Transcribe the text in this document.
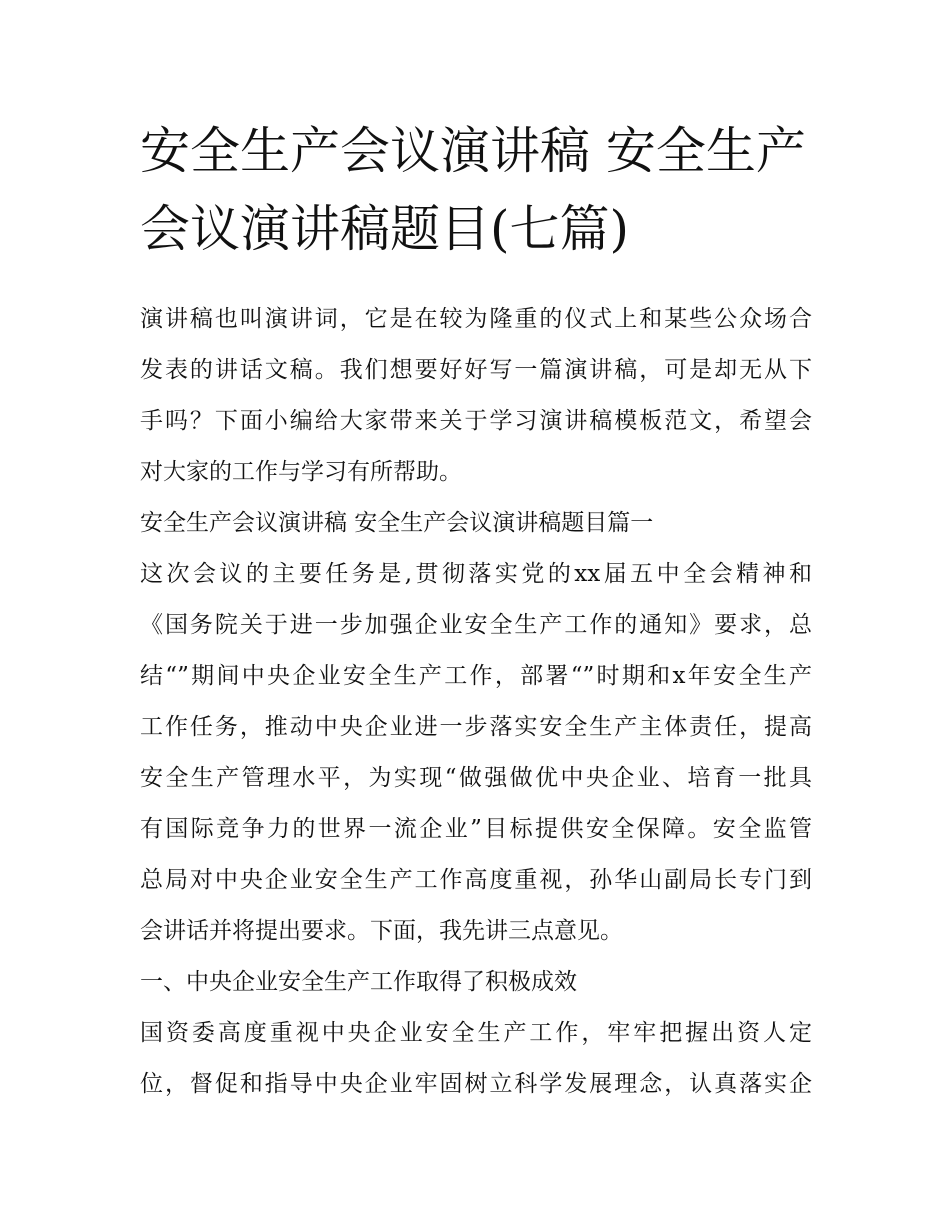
安全生产会议演讲稿 安全生产
会议演讲稿题目(七篇)

演讲稿也叫演讲词，它是在较为隆重的仪式上和某些公众场合
发表的讲话文稿。我们想要好好写一篇演讲稿，可是却无从下
手吗？下面小编给大家带来关于学习演讲稿模板范文，希望会
对大家的工作与学习有所帮助。

安全生产会议演讲稿 安全生产会议演讲稿题目篇一

这次会议的主要任务是,贯彻落实党的xx届五中全会精神和
《国务院关于进一步加强企业安全生产工作的通知》要求，总
结“”期间中央企业安全生产工作，部署“”时期和x年安全生产
工作任务，推动中央企业进一步落实安全生产主体责任，提高
安全生产管理水平，为实现“做强做优中央企业、培育一批具
有国际竞争力的世界一流企业”目标提供安全保障。安全监管
总局对中央企业安全生产工作高度重视，孙华山副局长专门到
会讲话并将提出要求。下面，我先讲三点意见。

一、中央企业安全生产工作取得了积极成效

国资委高度重视中央企业安全生产工作，牢牢把握出资人定
位，督促和指导中央企业牢固树立科学发展理念，认真落实企
